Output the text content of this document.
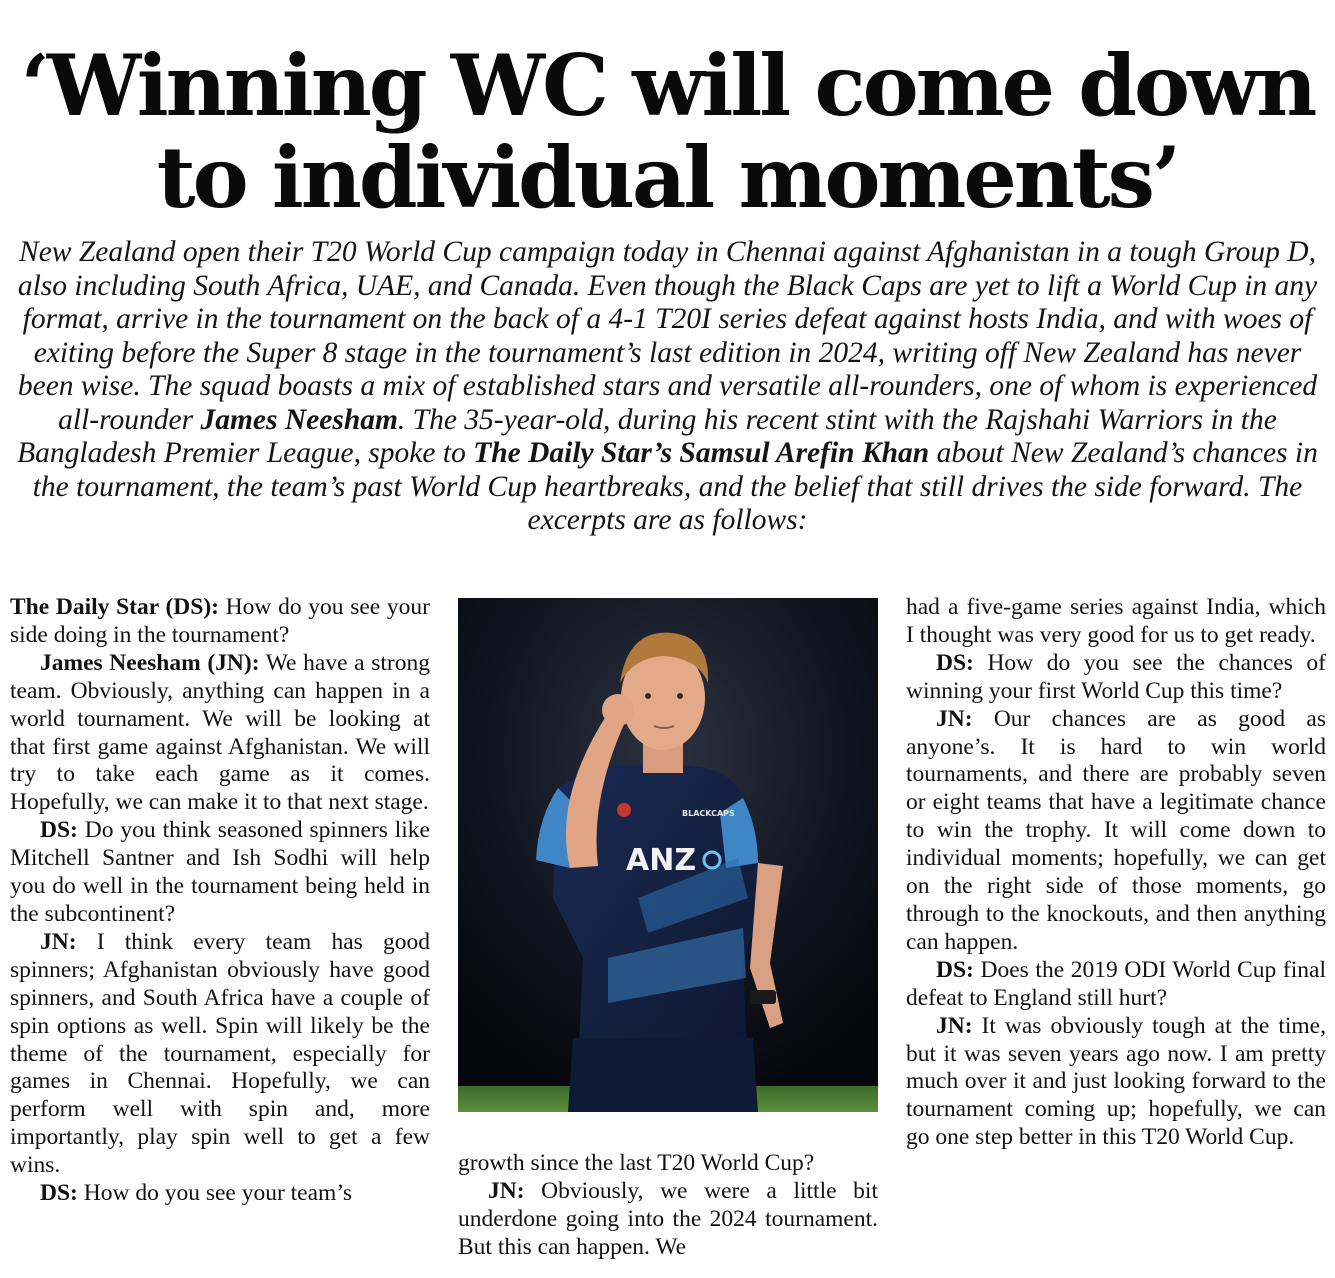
‘Winning WC will come down
to individual moments’
New Zealand open their T20 World Cup campaign today in Chennai against Afghanistan in a tough Group D, also including South Africa, UAE, and Canada. Even though the Black Caps are yet to lift a World Cup in any format, arrive in the tournament on the back of a 4-1 T20I series defeat against hosts India, and with woes of exiting before the Super 8 stage in the tournament’s last edition in 2024, writing off New Zealand has never been wise. The squad boasts a mix of established stars and versatile all-rounders, one of whom is experienced all-rounder James Neesham. The 35-year-old, during his recent stint with the Rajshahi Warriors in the Bangladesh Premier League, spoke to The Daily Star’s Samsul Arefin Khan about New Zealand’s chances in the tournament, the team’s past World Cup heartbreaks, and the belief that still drives the side forward. The excerpts are as follows:

The Daily Star (DS): How do you see your side doing in the tournament?

James Neesham (JN): We have a strong team. Obviously, anything can happen in a world tournament. We will be looking at that first game against Afghanistan. We will try to take each game as it comes. Hopefully, we can make it to that next stage.

DS: Do you think seasoned spinners like Mitchell Santner and Ish Sodhi will help you do well in the tournament being held in the subcontinent?

JN: I think every team has good spinners; Afghanistan obviously have good spinners, and South Africa have a couple of spin options as well. Spin will likely be the theme of the tournament, especially for games in Chennai. Hopefully, we can perform well with spin and, more importantly, play spin well to get a few wins.

DS: How do you see your team’s

ANZ
BLACKCAPS

growth since the last T20 World Cup?

JN: Obviously, we were a little bit underdone going into the 2024 tournament. But this can happen. We

had a five-game series against India, which I thought was very good for us to get ready.

DS: How do you see the chances of winning your first World Cup this time?

JN: Our chances are as good as anyone’s. It is hard to win world tournaments, and there are probably seven or eight teams that have a legitimate chance to win the trophy. It will come down to individual moments; hopefully, we can get on the right side of those moments, go through to the knockouts, and then anything can happen.

DS: Does the 2019 ODI World Cup final defeat to England still hurt?

JN: It was obviously tough at the time, but it was seven years ago now. I am pretty much over it and just looking forward to the tournament coming up; hopefully, we can go one step better in this T20 World Cup.
